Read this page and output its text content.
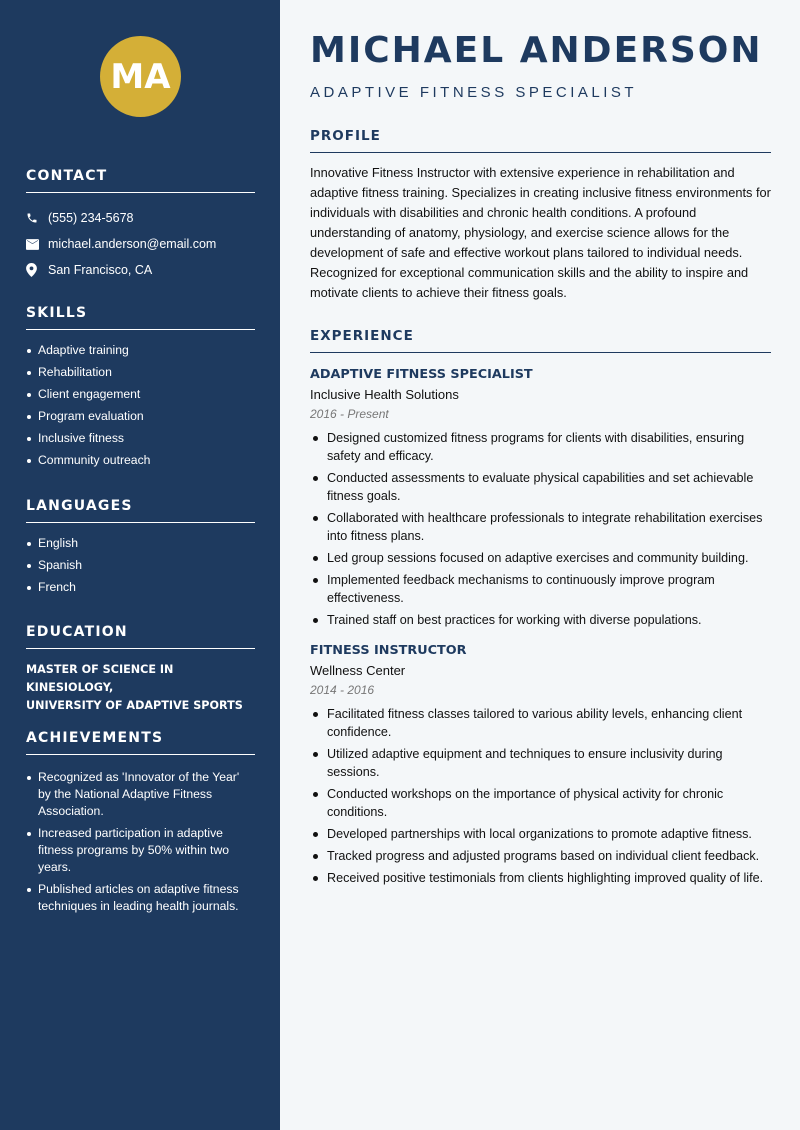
MA
CONTACT
(555) 234-5678
michael.anderson@email.com
San Francisco, CA
SKILLS
Adaptive training
Rehabilitation
Client engagement
Program evaluation
Inclusive fitness
Community outreach
LANGUAGES
English
Spanish
French
EDUCATION
MASTER OF SCIENCE IN KINESIOLOGY,
UNIVERSITY OF ADAPTIVE SPORTS
ACHIEVEMENTS
Recognized as 'Innovator of the Year' by the National Adaptive Fitness Association.
Increased participation in adaptive fitness programs by 50% within two years.
Published articles on adaptive fitness techniques in leading health journals.
MICHAEL ANDERSON
ADAPTIVE FITNESS SPECIALIST
PROFILE

Innovative Fitness Instructor with extensive experience in rehabilitation and adaptive fitness training. Specializes in creating inclusive fitness environments for individuals with disabilities and chronic health conditions. A profound understanding of anatomy, physiology, and exercise science allows for the development of safe and effective workout plans tailored to individual needs. Recognized for exceptional communication skills and the ability to inspire and motivate clients to achieve their fitness goals.

EXPERIENCE
ADAPTIVE FITNESS SPECIALIST
Inclusive Health Solutions
2016 - Present
Designed customized fitness programs for clients with disabilities, ensuring safety and efficacy.
Conducted assessments to evaluate physical capabilities and set achievable fitness goals.
Collaborated with healthcare professionals to integrate rehabilitation exercises into fitness plans.
Led group sessions focused on adaptive exercises and community building.
Implemented feedback mechanisms to continuously improve program effectiveness.
Trained staff on best practices for working with diverse populations.
FITNESS INSTRUCTOR
Wellness Center
2014 - 2016
Facilitated fitness classes tailored to various ability levels, enhancing client confidence.
Utilized adaptive equipment and techniques to ensure inclusivity during sessions.
Conducted workshops on the importance of physical activity for chronic conditions.
Developed partnerships with local organizations to promote adaptive fitness.
Tracked progress and adjusted programs based on individual client feedback.
Received positive testimonials from clients highlighting improved quality of life.
